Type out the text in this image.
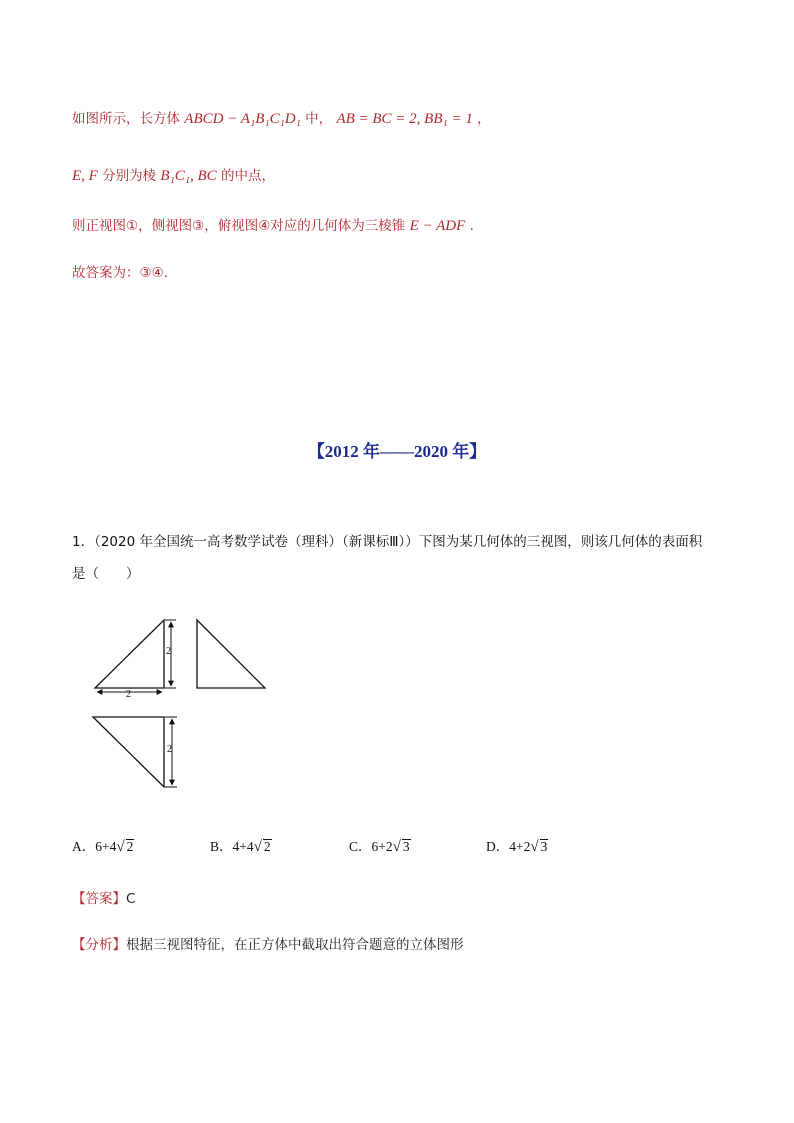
如图所示，长方体 ABCD − A₁B₁C₁D₁ 中， AB = BC = 2, BB₁ = 1 ，
E, F 分别为棱 B₁C₁, BC 的中点，
则正视图①，侧视图③，俯视图④对应的几何体为三棱锥 E − ADF .
故答案为：③④.
【2012 年——2020 年】
1．（2020 年全国统一高考数学试卷（理科）（新课标Ⅲ））下图为某几何体的三视图，则该几何体的表面积
是（　　）
2
2
2
A．6+4√ 2	B．4+4√ 2	C．6+2√ 3	D．4+2√ 3
【答案】C
【分析】根据三视图特征，在正方体中截取出符合题意的立体图形
